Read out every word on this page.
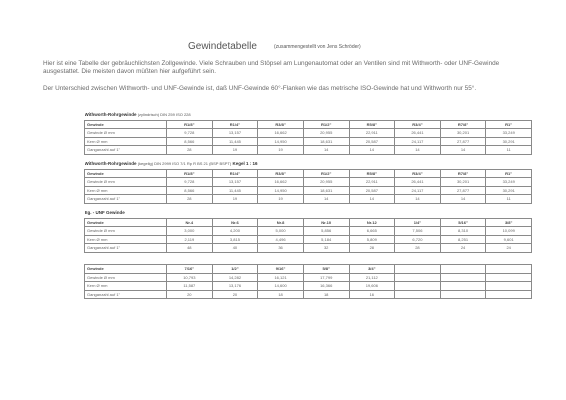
Gewindetabelle	(zusammengestellt von Jens Schröder)
Hier ist eine Tabelle der gebräuchlichsten Zollgewinde. Viele Schrauben und Stöpsel am Lungenautomat oder an Ventilen sind mit Withworth- oder UNF-Gewinde ausgestattet. Die meisten davon müßten hier aufgeführt sein.
Der Unterschied zwischen Withworth- und UNF-Gewinde ist, daß UNF-Gewinde 60°-Flanken wie das metrische ISO-Gewinde hat und Withworth nur 55°.
Withworth-Rohrgewinde (zylindrisch) DIN 259 ISO 228								
Gewinde	R1/8"	R1/4"	R3/8"	R1/2"	R5/8"	R3/4"	R7/8"	R1"
Gewinde Ø mm	9,728	13,157	16,662	20,955	22,911	26,441	30,201	33,249
Kern Ø mm	8,566	11,445	14,950	18,631	20,587	24,117	27,877	30,291
Ganganzahl auf 1"	28	19	19	14	14	14	14	11
Withworth-Rohrgewinde (kegelig) DIN 2999 ISO 7/1 Rp R BS 21 (BSP BSPT) Kegel 1 : 16								
Gewinde	R1/8"	R1/4"	R3/8"	R1/2"	R5/8"	R3/4"	R7/8"	R1"
Gewinde Ø mm	9,728	13,157	16,662	20,955	22,911	26,441	30,201	33,249
Kern Ø mm	8,566	11,445	14,950	18,631	20,587	24,117	27,877	30,291
Ganganzahl auf 1"	28	19	19	14	14	14	14	11
Eg. - UNF Gewinde								
Gewinde	Nr.4	Nr.6	Nr.8	Nr.10	Nr.12	1/4"	5/16"	3/8"
Gewinde Ø mm	3,000	4,200	5,000	5,856	6,665	7,506	8,310	10,099
Kern Ø mm	2,119	3,815	4,496	5,184	5,809	6,720	8,251	9,601
Ganganzahl auf 1"	48	40	36	32	28	28	24	24
Gewinde	7/16"	1/2"	9/16"	5/8"	3/4"			
Gewinde Ø mm	10,793	14,282	16,121	17,799	21,112			
Kern Ø mm	11,587	13,176	14,600	16,366	19,606			
Ganganzahl auf 1"	20	20	18	18	16			
